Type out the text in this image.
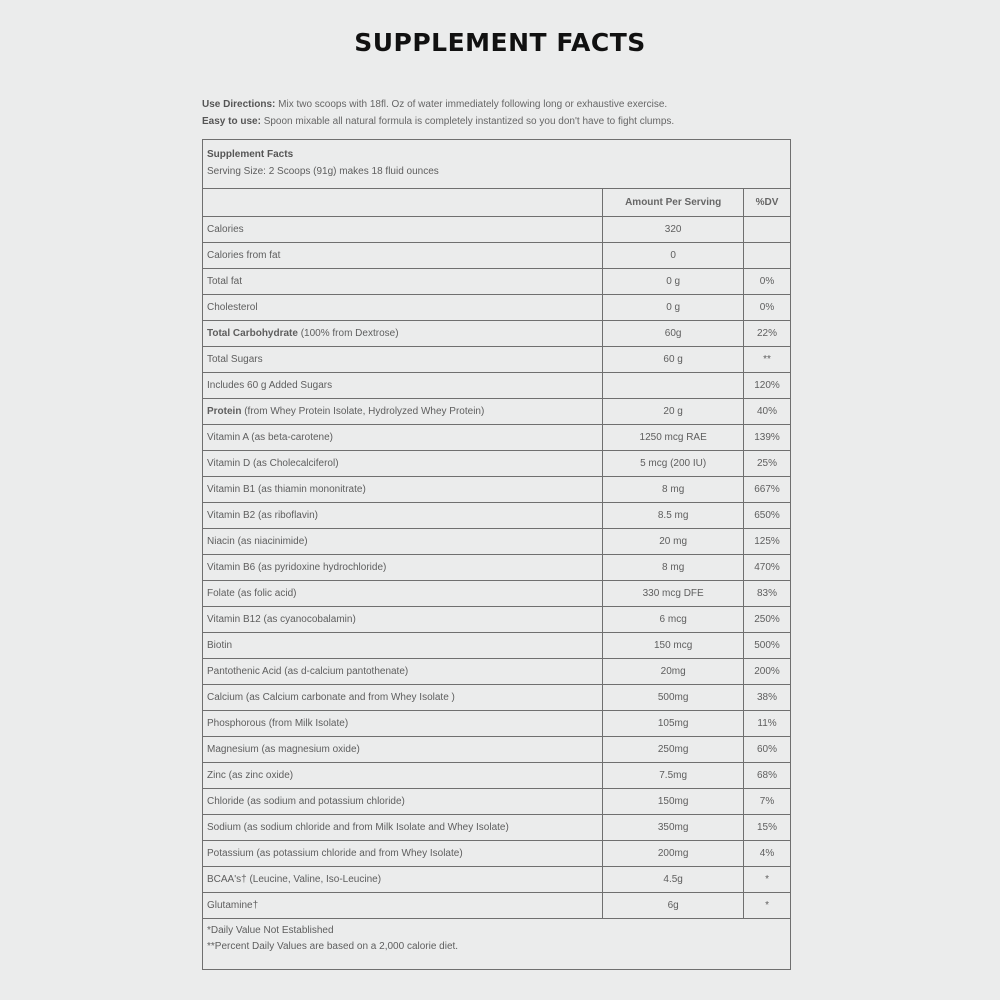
SUPPLEMENT FACTS
Use Directions: Mix two scoops with 18fl. Oz of water immediately following long or exhaustive exercise.
Easy to use: Spoon mixable all natural formula is completely instantized so you don't have to fight clumps.
Supplement Facts
Serving Size: 2 Scoops (91g) makes 18 fluid ounces		
	Amount Per Serving	%DV
Calories	320	
Calories from fat	0	
Total fat	0 g	0%
Cholesterol	0 g	0%
Total Carbohydrate (100% from Dextrose)	60g	22%
Total Sugars	60 g	**
Includes 60 g Added Sugars		120%
Protein (from Whey Protein Isolate, Hydrolyzed Whey Protein)	20 g	40%
Vitamin A (as beta-carotene)	1250 mcg RAE	139%
Vitamin D (as Cholecalciferol)	5 mcg (200 IU)	25%
Vitamin B1 (as thiamin mononitrate)	8 mg	667%
Vitamin B2 (as riboflavin)	8.5 mg	650%
Niacin (as niacinimide)	20 mg	125%
Vitamin B6 (as pyridoxine hydrochloride)	8 mg	470%
Folate (as folic acid)	330 mcg DFE	83%
Vitamin B12 (as cyanocobalamin)	6 mcg	250%
Biotin	150 mcg	500%
Pantothenic Acid (as d-calcium pantothenate)	20mg	200%
Calcium (as Calcium carbonate and from Whey Isolate )	500mg	38%
Phosphorous (from Milk Isolate)	105mg	11%
Magnesium (as magnesium oxide)	250mg	60%
Zinc (as zinc oxide)	7.5mg	68%
Chloride (as sodium and potassium chloride)	150mg	7%
Sodium (as sodium chloride and from Milk Isolate and Whey Isolate)	350mg	15%
Potassium (as potassium chloride and from Whey Isolate)	200mg	4%
BCAA's† (Leucine, Valine, Iso-Leucine)	4.5g	*
Glutamine†	6g	*

*Daily Value Not Established
**Percent Daily Values are based on a 2,000 calorie diet.		
